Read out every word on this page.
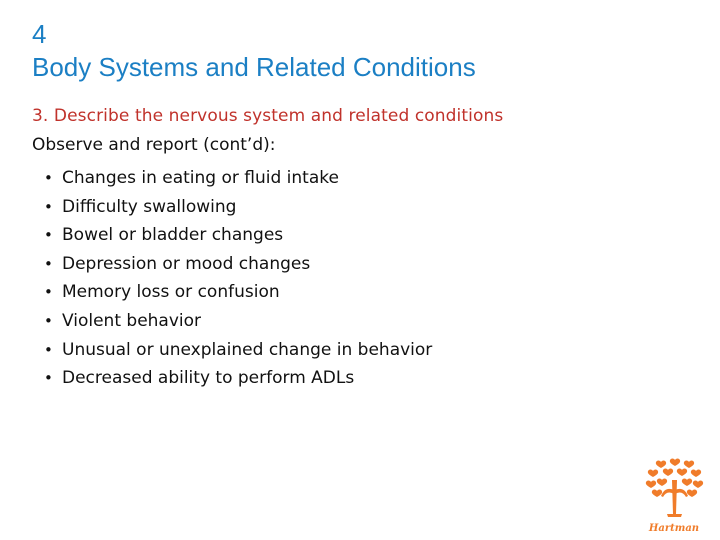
4
Body Systems and Related Conditions
3. Describe the nervous system and related conditions
Observe and report (cont’d):
• Changes in eating or fluid intake
• Difficulty swallowing
• Bowel or bladder changes
• Depression or mood changes
• Memory loss or confusion
• Violent behavior
• Unusual or unexplained change in behavior
• Decreased ability to perform ADLs
Hartman
